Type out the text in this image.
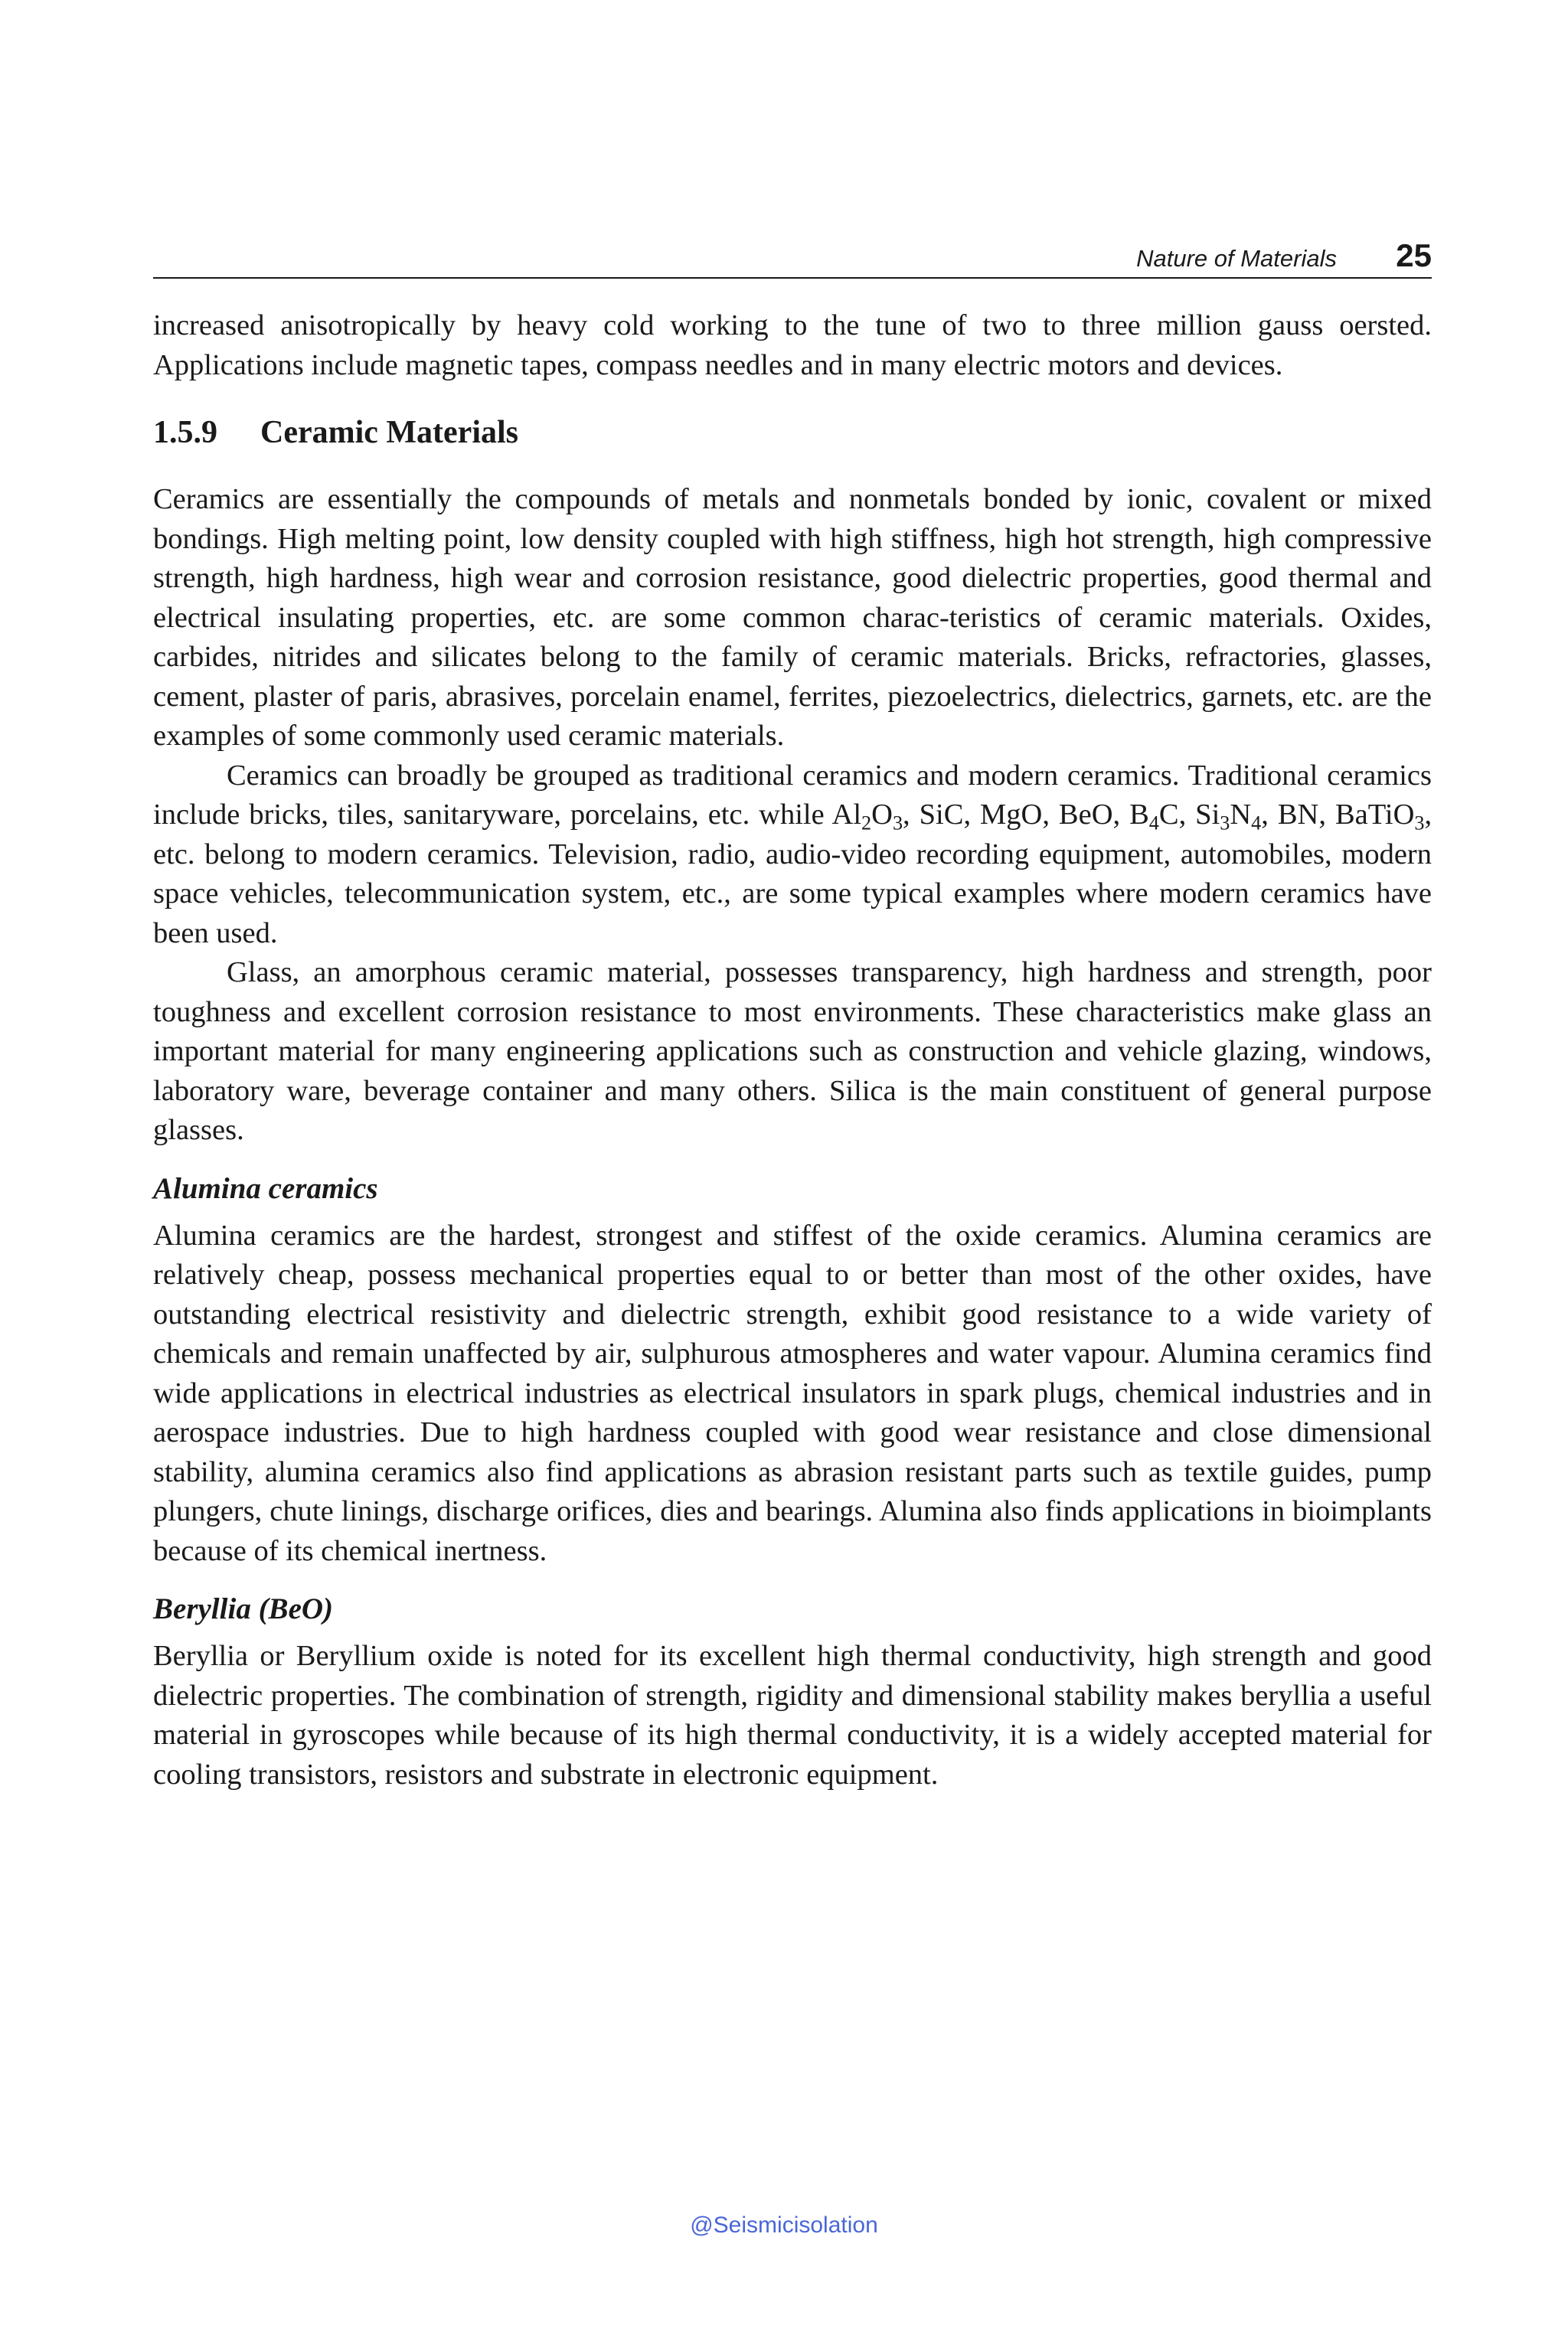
Nature of Materials 25

increased anisotropically by heavy cold working to the tune of two to three million gauss oersted. Applications include magnetic tapes, compass needles and in many electric motors and devices.

1.5.9 Ceramic Materials

Ceramics are essentially the compounds of metals and nonmetals bonded by ionic, covalent or mixed bondings. High melting point, low density coupled with high stiffness, high hot strength, high compressive strength, high hardness, high wear and corrosion resistance, good dielectric properties, good thermal and electrical insulating properties, etc. are some common charac-teristics of ceramic materials. Oxides, carbides, nitrides and silicates belong to the family of ceramic materials. Bricks, refractories, glasses, cement, plaster of paris, abrasives, porcelain enamel, ferrites, piezoelectrics, dielectrics, garnets, etc. are the examples of some commonly used ceramic materials.

Ceramics can broadly be grouped as traditional ceramics and modern ceramics. Traditional ceramics include bricks, tiles, sanitaryware, porcelains, etc. while $Al_2O_3$, SiC, MgO, BeO, $B_4C$, $Si_3N_4$, BN, BaTiO$_3$, etc. belong to modern ceramics. Television, radio, audio-video recording equipment, automobiles, modern space vehicles, telecommunication system, etc., are some typical examples where modern ceramics have been used.

Glass, an amorphous ceramic material, possesses transparency, high hardness and strength, poor toughness and excellent corrosion resistance to most environments. These characteristics make glass an important material for many engineering applications such as construction and vehicle glazing, windows, laboratory ware, beverage container and many others. Silica is the main constituent of general purpose glasses.

Alumina ceramics

Alumina ceramics are the hardest, strongest and stiffest of the oxide ceramics. Alumina ceramics are relatively cheap, possess mechanical properties equal to or better than most of the other oxides, have outstanding electrical resistivity and dielectric strength, exhibit good resistance to a wide variety of chemicals and remain unaffected by air, sulphurous atmospheres and water vapour. Alumina ceramics find wide applications in electrical industries as electrical insulators in spark plugs, chemical industries and in aerospace industries. Due to high hardness coupled with good wear resistance and close dimensional stability, alumina ceramics also find applications as abrasion resistant parts such as textile guides, pump plungers, chute linings, discharge orifices, dies and bearings. Alumina also finds applications in bioimplants because of its chemical inertness.

Beryllia (BeO)

Beryllia or Beryllium oxide is noted for its excellent high thermal conductivity, high strength and good dielectric properties. The combination of strength, rigidity and dimensional stability makes beryllia a useful material in gyroscopes while because of its high thermal conductivity, it is a widely accepted material for cooling transistors, resistors and substrate in electronic equipment.

@Seismicisolation
